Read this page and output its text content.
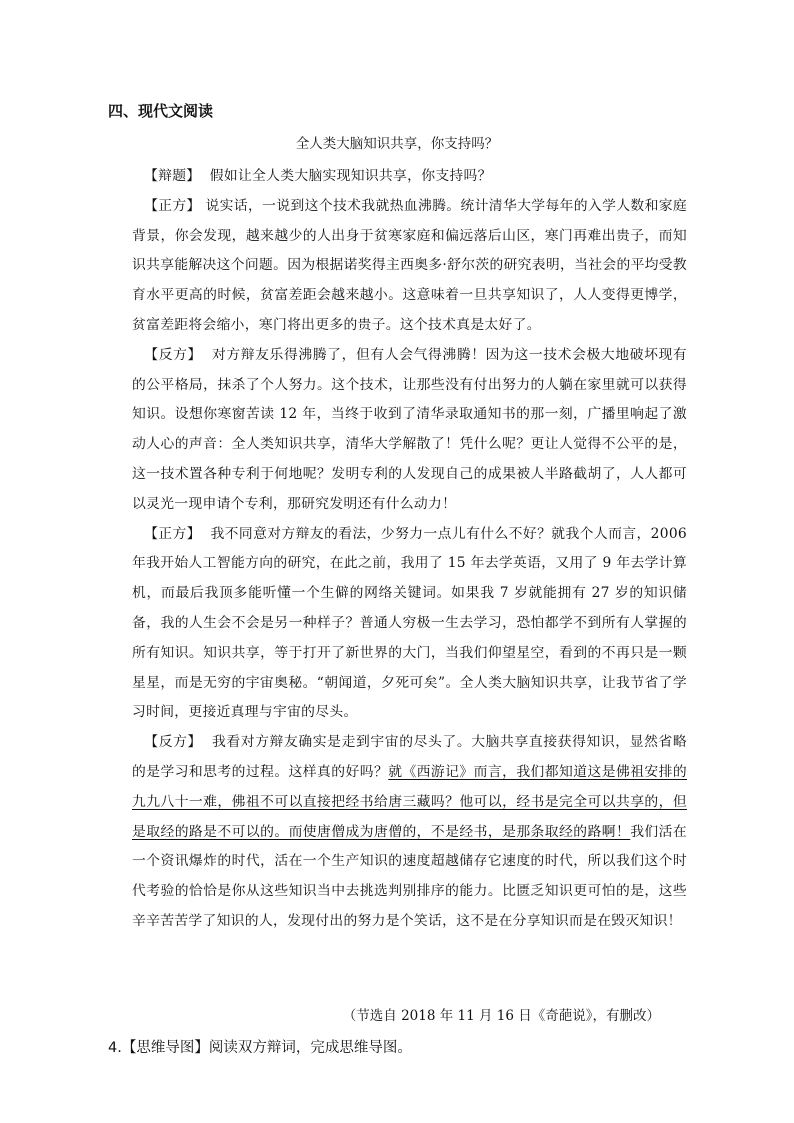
四、现代文阅读
全人类大脑知识共享，你支持吗？

【辩题】 假如让全人类大脑实现知识共享，你支持吗？

【正方】 说实话，一说到这个技术我就热血沸腾。统计清华大学每年的入学人数和家庭背景，你会发现，越来越少的人出身于贫寒家庭和偏远落后山区，寒门再难出贵子，而知识共享能解决这个问题。因为根据诺奖得主西奥多·舒尔茨的研究表明，当社会的平均受教育水平更高的时候，贫富差距会越来越小。这意味着一旦共享知识了，人人变得更博学，贫富差距将会缩小，寒门将出更多的贵子。这个技术真是太好了。

【反方】 对方辩友乐得沸腾了，但有人会气得沸腾！因为这一技术会极大地破坏现有的公平格局，抹杀了个人努力。这个技术，让那些没有付出努力的人躺在家里就可以获得知识。设想你寒窗苦读 12 年，当终于收到了清华录取通知书的那一刻，广播里响起了激动人心的声音：全人类知识共享，清华大学解散了！凭什么呢？更让人觉得不公平的是，这一技术置各种专利于何地呢？发明专利的人发现自己的成果被人半路截胡了，人人都可以灵光一现申请个专利，那研究发明还有什么动力！

【正方】 我不同意对方辩友的看法，少努力一点儿有什么不好？就我个人而言，2006 年我开始人工智能方向的研究，在此之前，我用了 15 年去学英语，又用了 9 年去学计算机，而最后我顶多能听懂一个生僻的网络关键词。如果我 7 岁就能拥有 27 岁的知识储备，我的人生会不会是另一种样子？普通人穷极一生去学习，恐怕都学不到所有人掌握的所有知识。知识共享，等于打开了新世界的大门，当我们仰望星空，看到的不再只是一颗星星，而是无穷的宇宙奥秘。“朝闻道，夕死可矣”。全人类大脑知识共享，让我节省了学习时间，更接近真理与宇宙的尽头。

【反方】 我看对方辩友确实是走到宇宙的尽头了。大脑共享直接获得知识，显然省略的是学习和思考的过程。这样真的好吗？就《西游记》而言，我们都知道这是佛祖安排的九九八十一难，佛祖不可以直接把经书给唐三藏吗？他可以，经书是完全可以共享的，但是取经的路是不可以的。而使唐僧成为唐僧的，不是经书，是那条取经的路啊！我们活在一个资讯爆炸的时代，活在一个生产知识的速度超越储存它速度的时代，所以我们这个时代考验的恰恰是你从这些知识当中去挑选判别排序的能力。比匮乏知识更可怕的是，这些辛辛苦苦学了知识的人，发现付出的努力是个笑话，这不是在分享知识而是在毁灭知识！

（节选自 2018 年 11 月 16 日《奇葩说》，有删改）

4.【思维导图】阅读双方辩词，完成思维导图。
